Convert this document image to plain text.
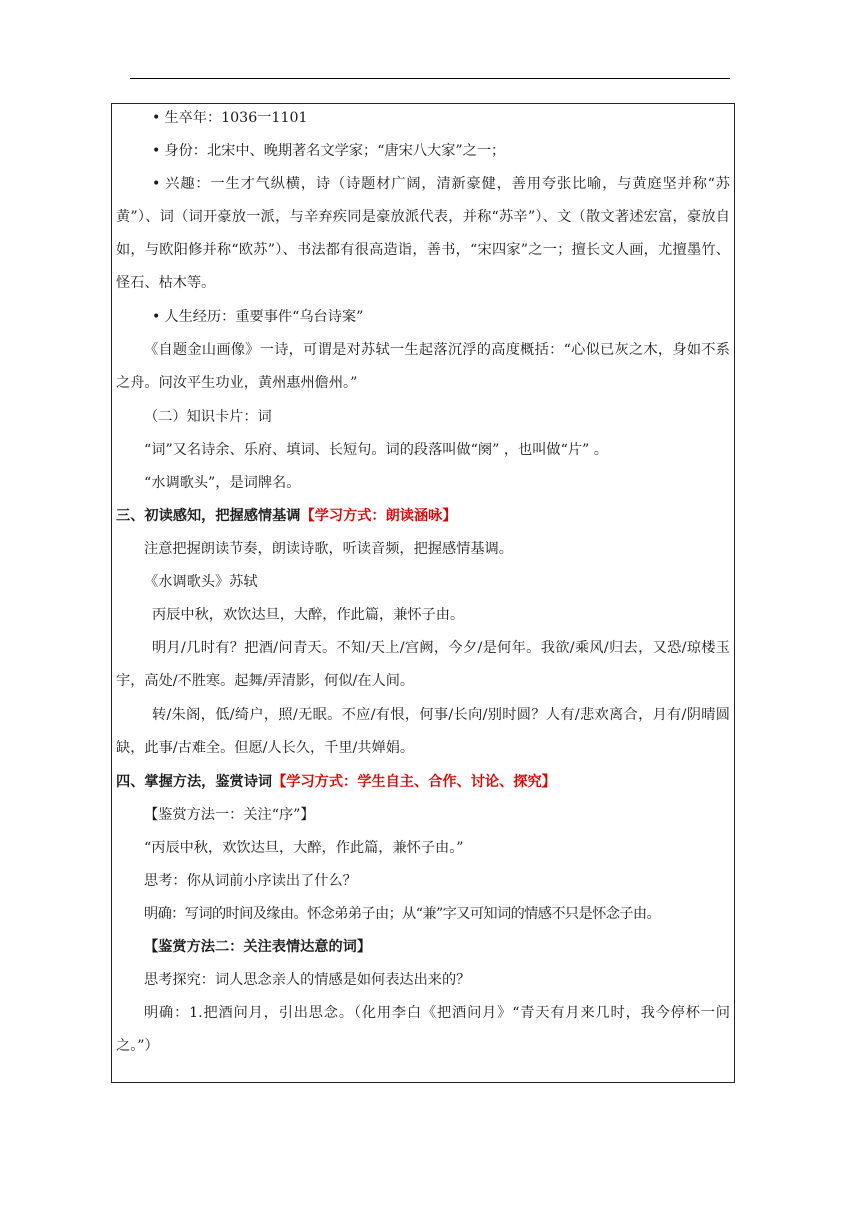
• 生卒年：1036一1101

• 身份：北宋中、晚期著名文学家；“唐宋八大家”之一；

• 兴趣：一生才气纵横，诗（诗题材广阔，清新豪健，善用夸张比喻，与黄庭坚并称“苏黄”）、词（词开豪放一派，与辛弃疾同是豪放派代表，并称“苏辛”）、文（散文著述宏富，豪放自如，与欧阳修并称“欧苏”）、书法都有很高造诣，善书，“宋四家”之一；擅长文人画，尤擅墨竹、怪石、枯木等。

• 人生经历：重要事件“乌台诗案”

《自题金山画像》一诗，可谓是对苏轼一生起落沉浮的高度概括：“心似已灰之木，身如不系之舟。问汝平生功业，黄州惠州儋州。”

（二）知识卡片：词

“词”又名诗余、乐府、填词、长短句。词的段落叫做“阕” ，也叫做“片” 。

“水调歌头”，是词牌名。

三、初读感知，把握感情基调【学习方式：朗读涵咏】

注意把握朗读节奏，朗读诗歌，听读音频，把握感情基调。

《水调歌头》苏轼

丙辰中秋，欢饮达旦，大醉，作此篇，兼怀子由。

明月/几时有？把酒/问青天。不知/天上/宫阙，今夕/是何年。我欲/乘风/归去，又恐/琼楼玉宇，高处/不胜寒。起舞/弄清影，何似/在人间。

转/朱阁，低/绮户，照/无眠。不应/有恨，何事/长向/别时圆？人有/悲欢离合，月有/阴晴圆缺，此事/古难全。但愿/人长久，千里/共婵娟。

四、掌握方法，鉴赏诗词【学习方式：学生自主、合作、讨论、探究】

【鉴赏方法一：关注“序”】

“丙辰中秋，欢饮达旦，大醉，作此篇，兼怀子由。”

思考：你从词前小序读出了什么？

明确：写词的时间及缘由。怀念弟弟子由；从“兼”字又可知词的情感不只是怀念子由。

【鉴赏方法二：关注表情达意的词】

思考探究：词人思念亲人的情感是如何表达出来的？

明确：1.把酒问月，引出思念。（化用李白《把酒问月》“青天有月来几时，我今停杯一问之。”）
